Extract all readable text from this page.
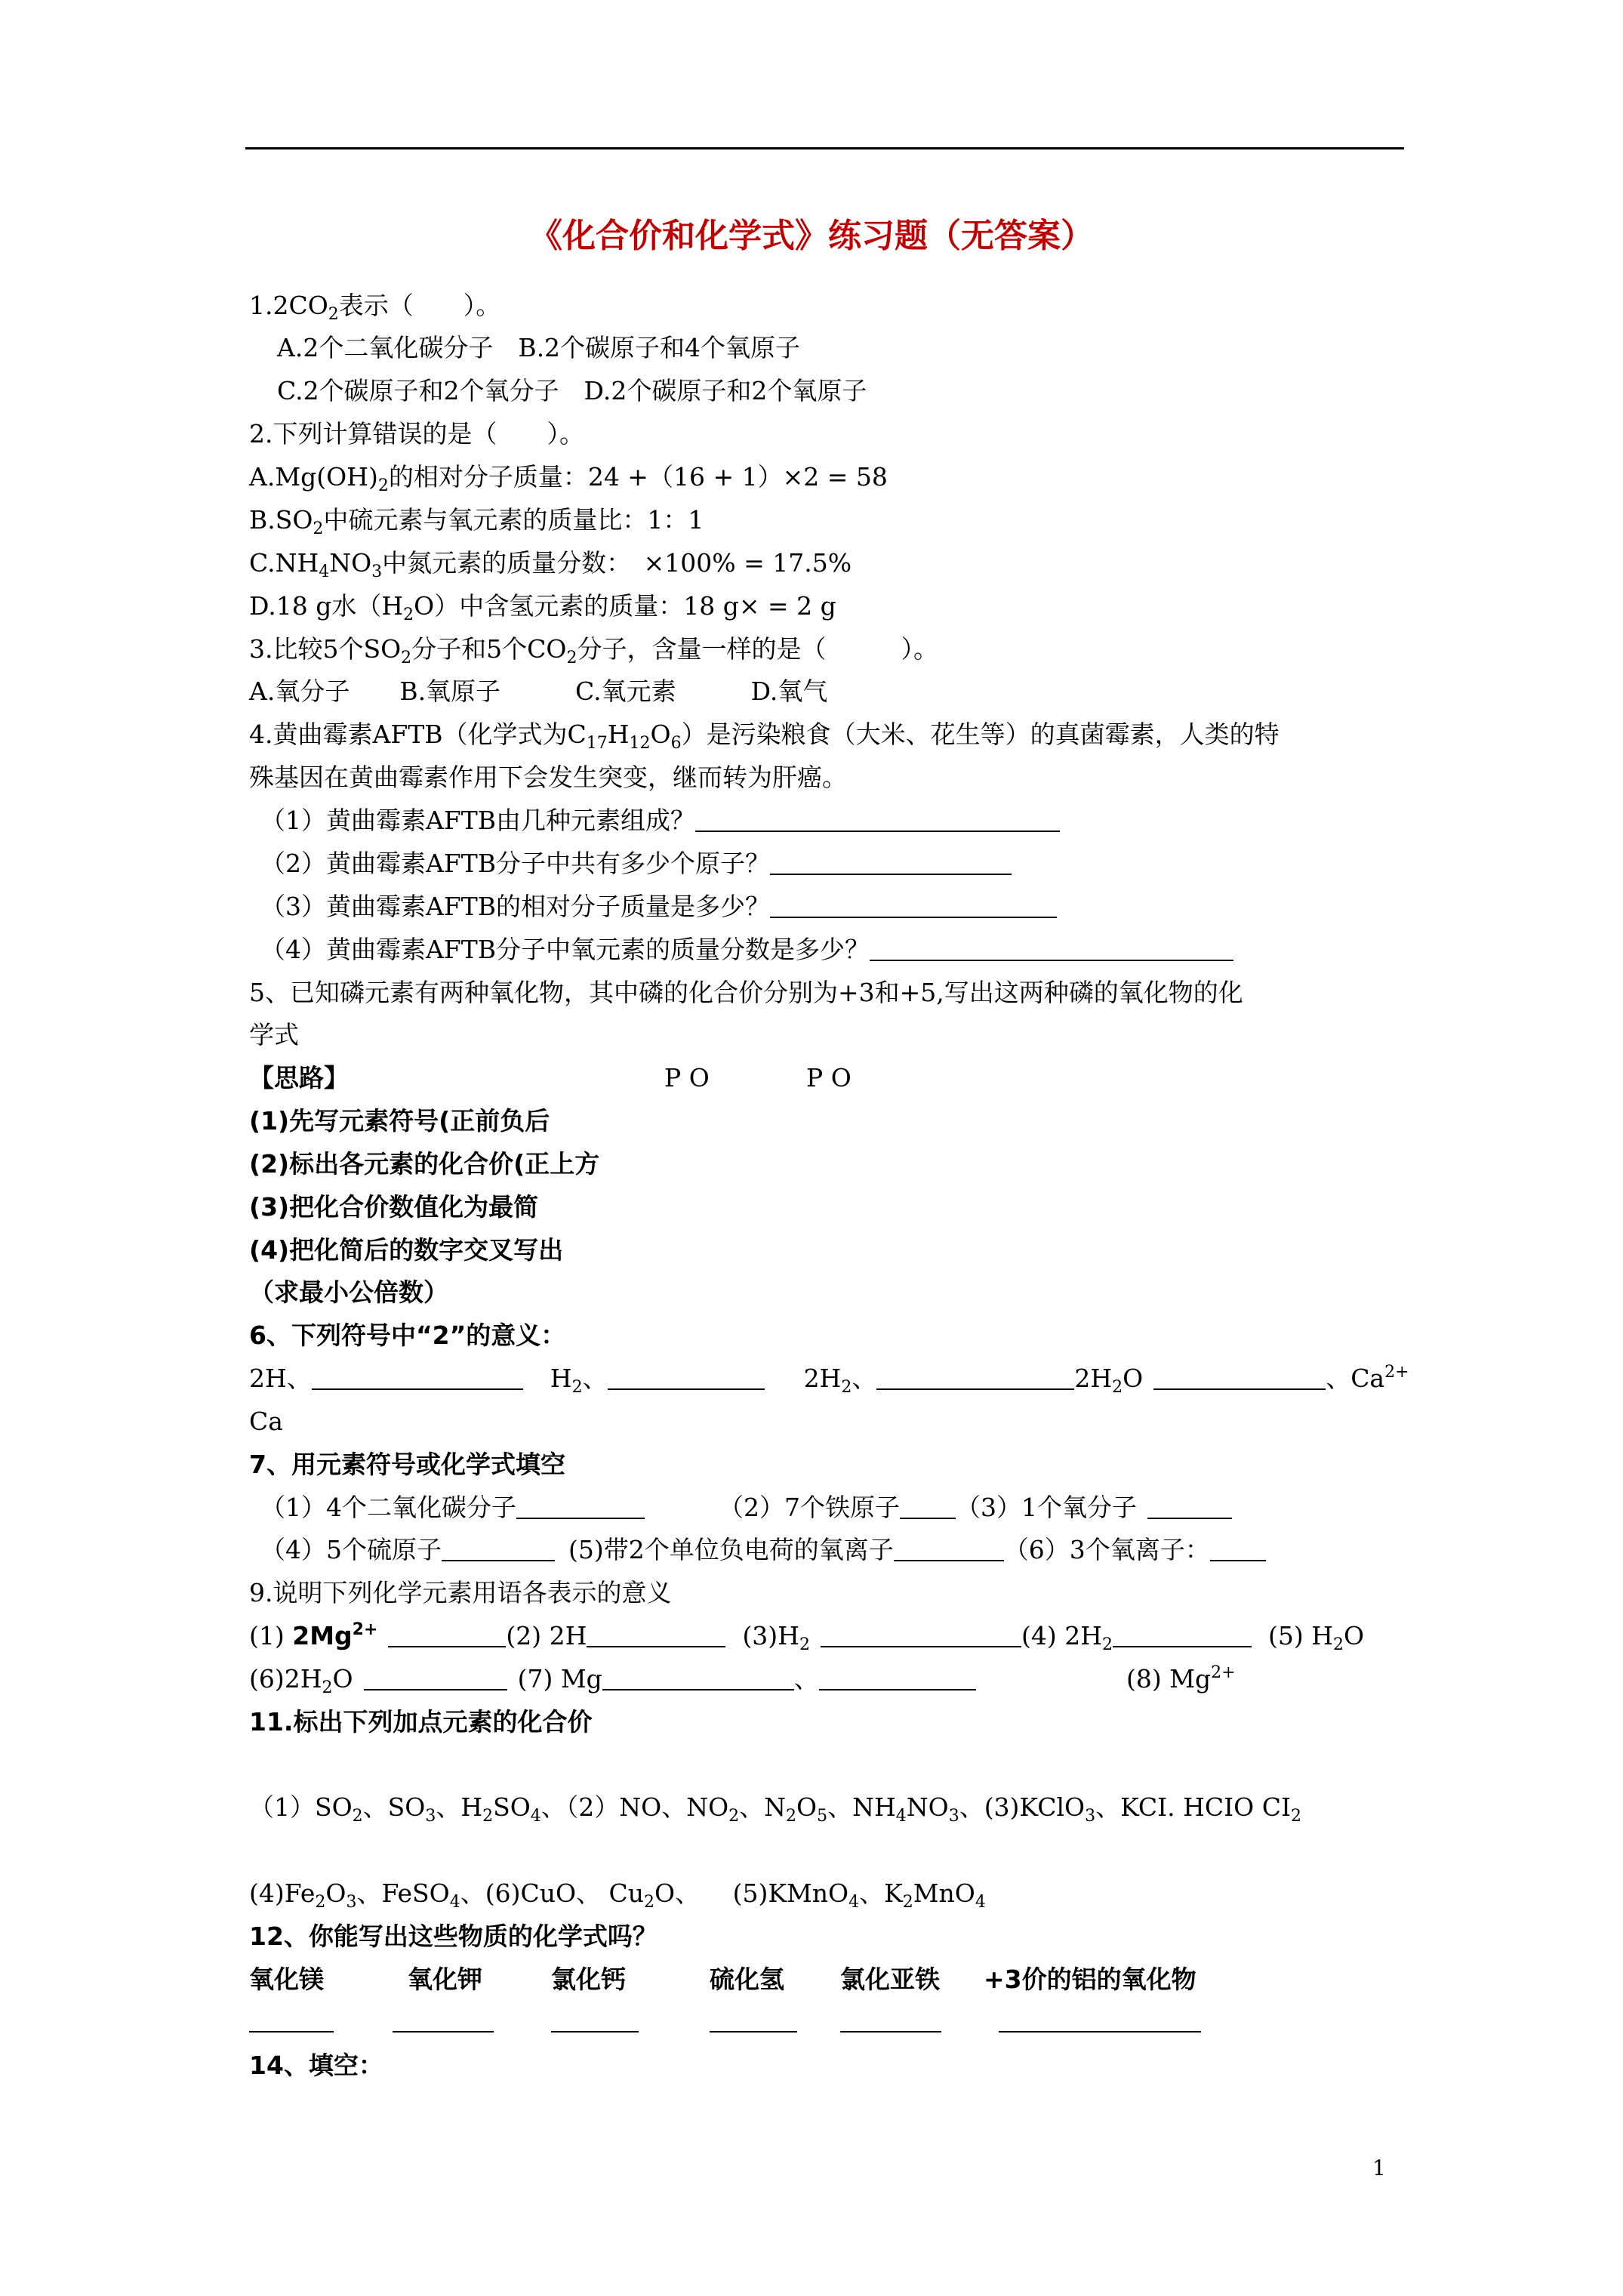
《化合价和化学式》练习题（无答案）
$1.2CO_2$表示（　　）。
A.2个二氧化碳分子　B.2个碳原子和4个氧原子
C.2个碳原子和2个氧分子　D.2个碳原子和2个氧原子
2.下列计算错误的是（　　）。
$A.Mg(OH)_2$的相对分子质量：24 +（16 + 1）×2 = 58
$B.SO_2$中硫元素与氧元素的质量比：1：1
$C.NH_4NO_3$中氮元素的质量分数：　×100% = 17.5%
D.18 g水$(H_2O)$中含氢元素的质量：18 g× = 2 g
3.比较5个$SO_2$分子和5个$CO_2$分子，含量一样的是（　　　）。
A.氧分子　　B.氧原子　　　C.氧元素　　　D.氧气
4.黄曲霉素AFTB（化学式为$C_{17}H_{12}O_6$）是污染粮食（大米、花生等）的真菌霉素，人类的特
殊基因在黄曲霉素作用下会发生突变，继而转为肝癌。
（1）黄曲霉素AFTB由几种元素组成？
（2）黄曲霉素AFTB分子中共有多少个原子？
（3）黄曲霉素AFTB的相对分子质量是多少？
（4）黄曲霉素AFTB分子中氧元素的质量分数是多少？
5、已知磷元素有两种氧化物，其中磷的化合价分别为+3和+5,写出这两种磷的氧化物的化
学式
【思路】	P O	P O
(1)先写元素符号(正前负后
(2)标出各元素的化合价(正上方
(3)把化合价数值化为最简
(4)把化简后的数字交叉写出
（求最小公倍数）
6、下列符号中“2”的意义：
2H、	$H_2$、	$2H_2$、	$2H_2O$	、$Ca^{2+}$
Ca
7、用元素符号或化学式填空
（1）4个二氧化碳分子	（2）7个铁原子 （3）1个氧分子
（4）5个硫原子	(5)带2个单位负电荷的氧离子	（6）3个氧离子：
9.说明下列化学元素用语各表示的意义
(1) $2Mg^{2+}$	(2) 2H	$(3)H_2$	(4) $2H_2$	(5) $H_2O$
$(6)2H_2O$	(7) Mg	、	(8) $Mg^{2+}$
11.标出下列加点元素的化合价
$(1)SO_2$、$SO_3$、$H_2SO_4$、（2）NO、$NO_2$、$N_2O_5$、$NH_4NO_3$、(3)KClO$_3$、KCI. HCIO $CI_2$
$(4)Fe_2O_3$、FeSO$_4$、(6)CuO、 $Cu_2O$、 　(5)KMnO$_4$、$K_2MnO_4$
12、你能写出这些物质的化学式吗？
氧化镁	氧化钾	氯化钙	硫化氢 氯化亚铁 +3价的铝的氧化物
14、填空：
1
